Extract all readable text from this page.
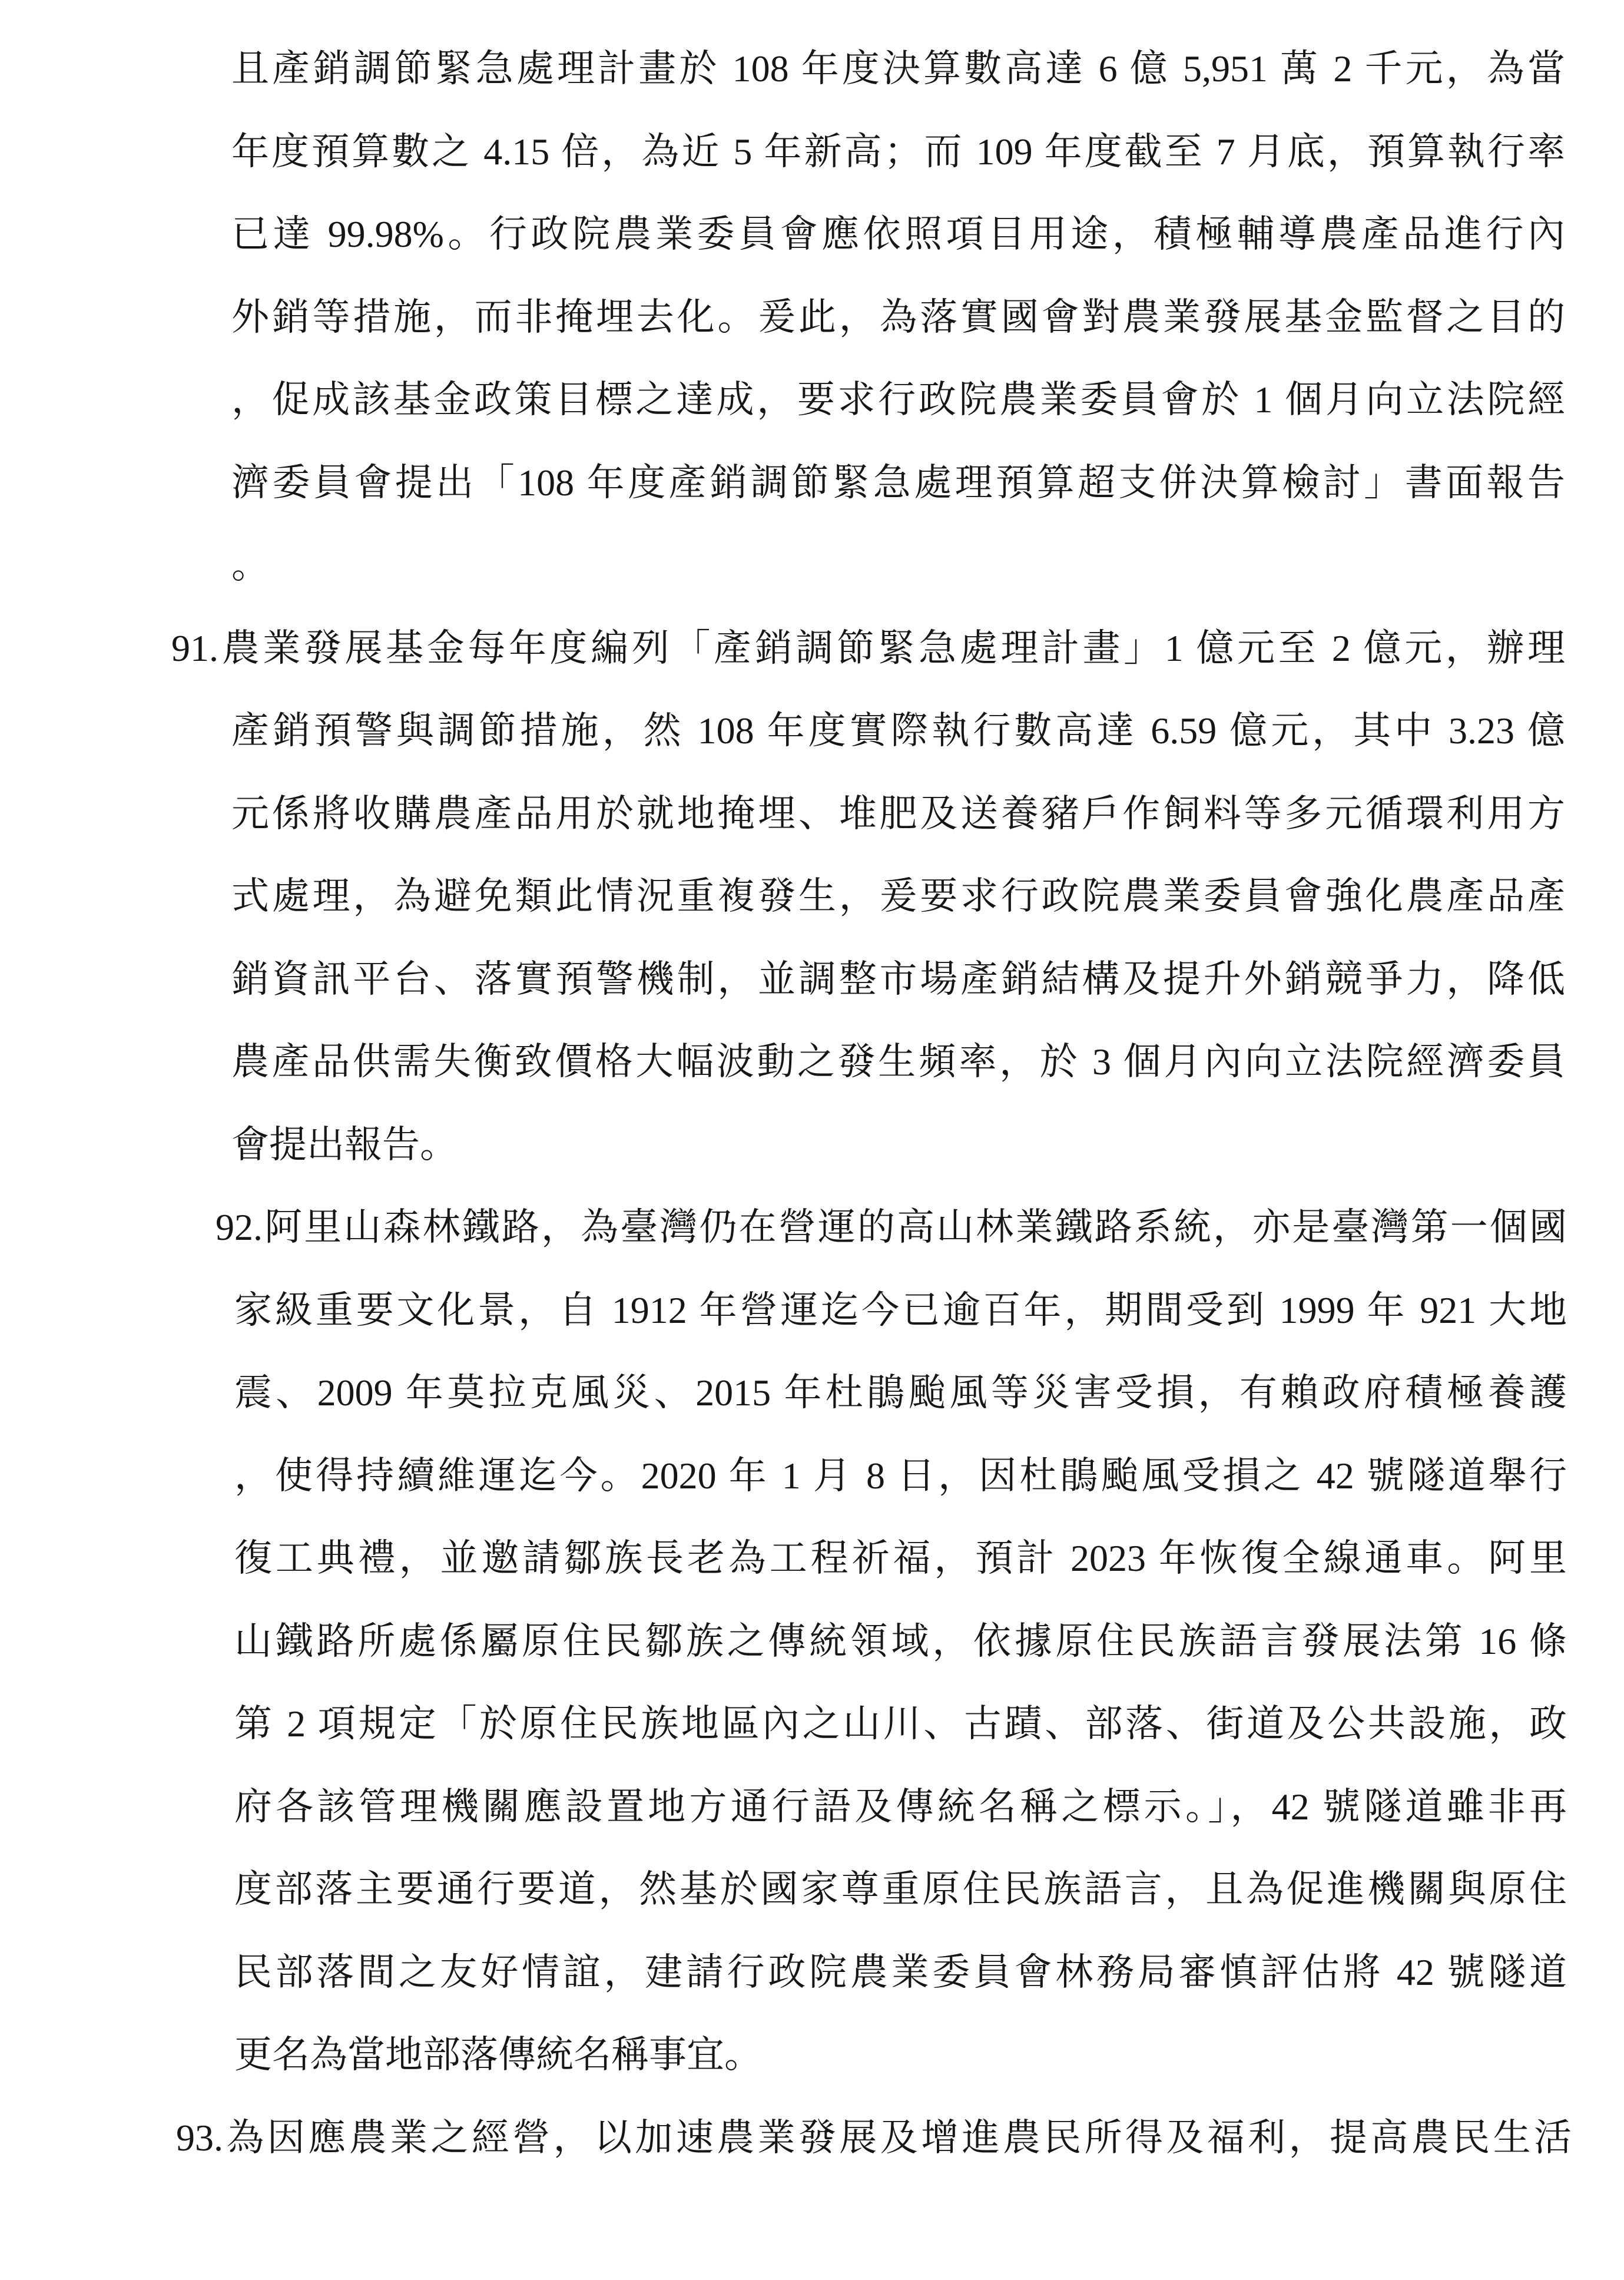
且產銷調節緊急處理計畫於 108 年度決算數高達 6 億 5,951 萬 2 千元，為當
年度預算數之 4.15 倍，為近 5 年新高；而 109 年度截至 7 月底，預算執行率
已達 99.98%。行政院農業委員會應依照項目用途，積極輔導農產品進行內
外銷等措施，而非掩埋去化。爰此，為落實國會對農業發展基金監督之目的
，促成該基金政策目標之達成，要求行政院農業委員會於 1 個月向立法院經
濟委員會提出「108 年度產銷調節緊急處理預算超支併決算檢討」書面報告
。
91.農業發展基金每年度編列「產銷調節緊急處理計畫」1 億元至 2 億元，辦理
產銷預警與調節措施，然 108 年度實際執行數高達 6.59 億元，其中 3.23 億
元係將收購農產品用於就地掩埋、堆肥及送養豬戶作飼料等多元循環利用方
式處理，為避免類此情況重複發生，爰要求行政院農業委員會強化農產品產
銷資訊平台、落實預警機制，並調整市場產銷結構及提升外銷競爭力，降低
農產品供需失衡致價格大幅波動之發生頻率，於 3 個月內向立法院經濟委員
會提出報告。
92.阿里山森林鐵路，為臺灣仍在營運的高山林業鐵路系統，亦是臺灣第一個國
家級重要文化景，自 1912 年營運迄今已逾百年，期間受到 1999 年 921 大地
震、2009 年莫拉克風災、2015 年杜鵑颱風等災害受損，有賴政府積極養護
，使得持續維運迄今。2020 年 1 月 8 日，因杜鵑颱風受損之 42 號隧道舉行
復工典禮，並邀請鄒族長老為工程祈福，預計 2023 年恢復全線通車。阿里
山鐵路所處係屬原住民鄒族之傳統領域，依據原住民族語言發展法第 16 條
第 2 項規定「於原住民族地區內之山川、古蹟、部落、街道及公共設施，政
府各該管理機關應設置地方通行語及傳統名稱之標示。」，42 號隧道雖非再
度部落主要通行要道，然基於國家尊重原住民族語言，且為促進機關與原住
民部落間之友好情誼，建請行政院農業委員會林務局審慎評估將 42 號隧道
更名為當地部落傳統名稱事宜。
93.為因應農業之經營，以加速農業發展及增進農民所得及福利，提高農民生活
